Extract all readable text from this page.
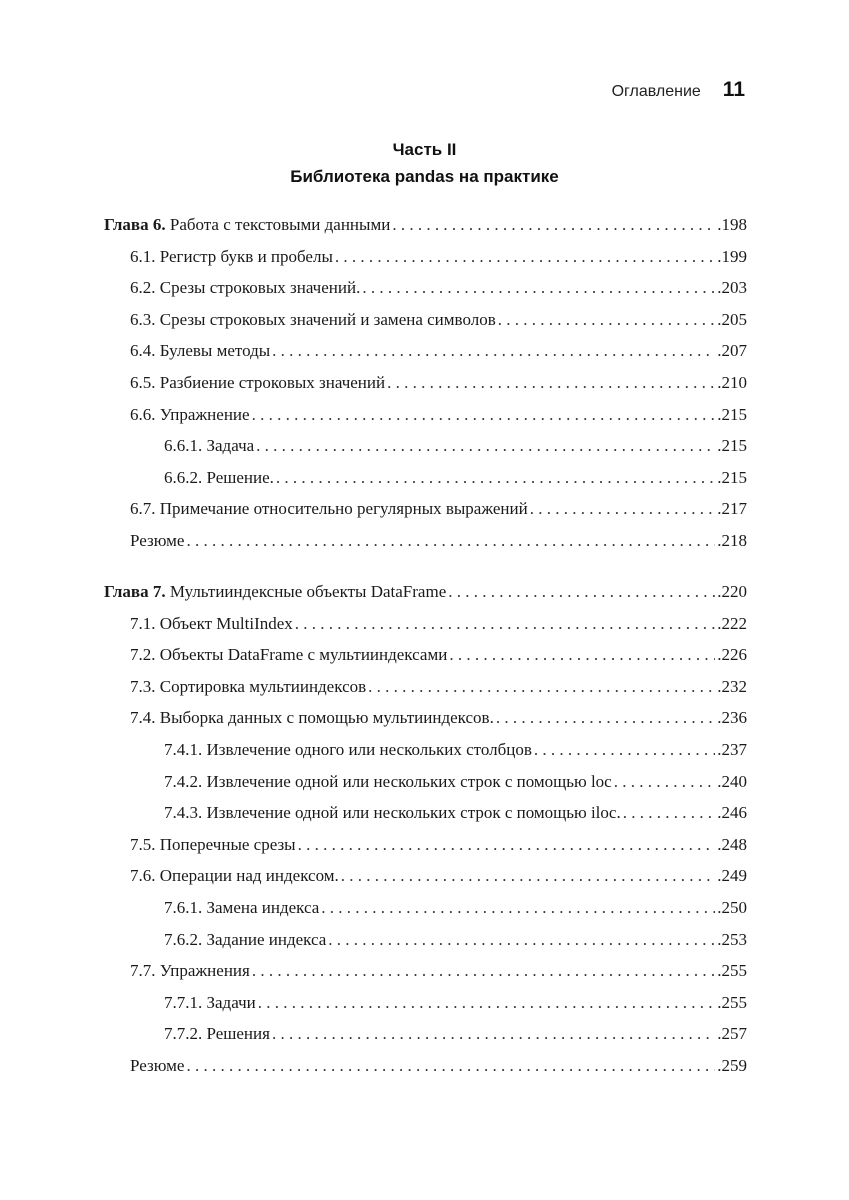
Оглавление 11
Часть II
Библиотека pandas на практике
Глава 6. Работа с текстовыми данными . . .	.198
6.1. Регистр букв и пробелы . . .	.199
6.2. Срезы строковых значений. . . .	.203
6.3. Срезы строковых значений и замена символов . . .	.205
6.4. Булевы методы . . .	.207
6.5. Разбиение строковых значений . . .	.210
6.6. Упражнение . . .	.215
6.6.1. Задача . . .	.215
6.6.2. Решение. . . .	.215
6.7. Примечание относительно регулярных выражений . . .	.217
Резюме . . .	.218
Глава 7. Мультииндексные объекты DataFrame . . .	.220
7.1. Объект MultiIndex . . .	.222
7.2. Объекты DataFrame с мультииндексами . . .	.226
7.3. Сортировка мультииндексов . . .	.232
7.4. Выборка данных с помощью мультииндексов. . . .	.236
7.4.1. Извлечение одного или нескольких столбцов . . .	.237
7.4.2. Извлечение одной или нескольких строк с помощью loc . . .	.240
7.4.3. Извлечение одной или нескольких строк с помощью iloc. . . .	.246
7.5. Поперечные срезы . . .	.248
7.6. Операции над индексом. . . .	.249
7.6.1. Замена индекса . . .	.250
7.6.2. Задание индекса . . .	.253
7.7. Упражнения . . .	.255
7.7.1. Задачи . . .	.255
7.7.2. Решения . . .	.257
Резюме . . .	.259
